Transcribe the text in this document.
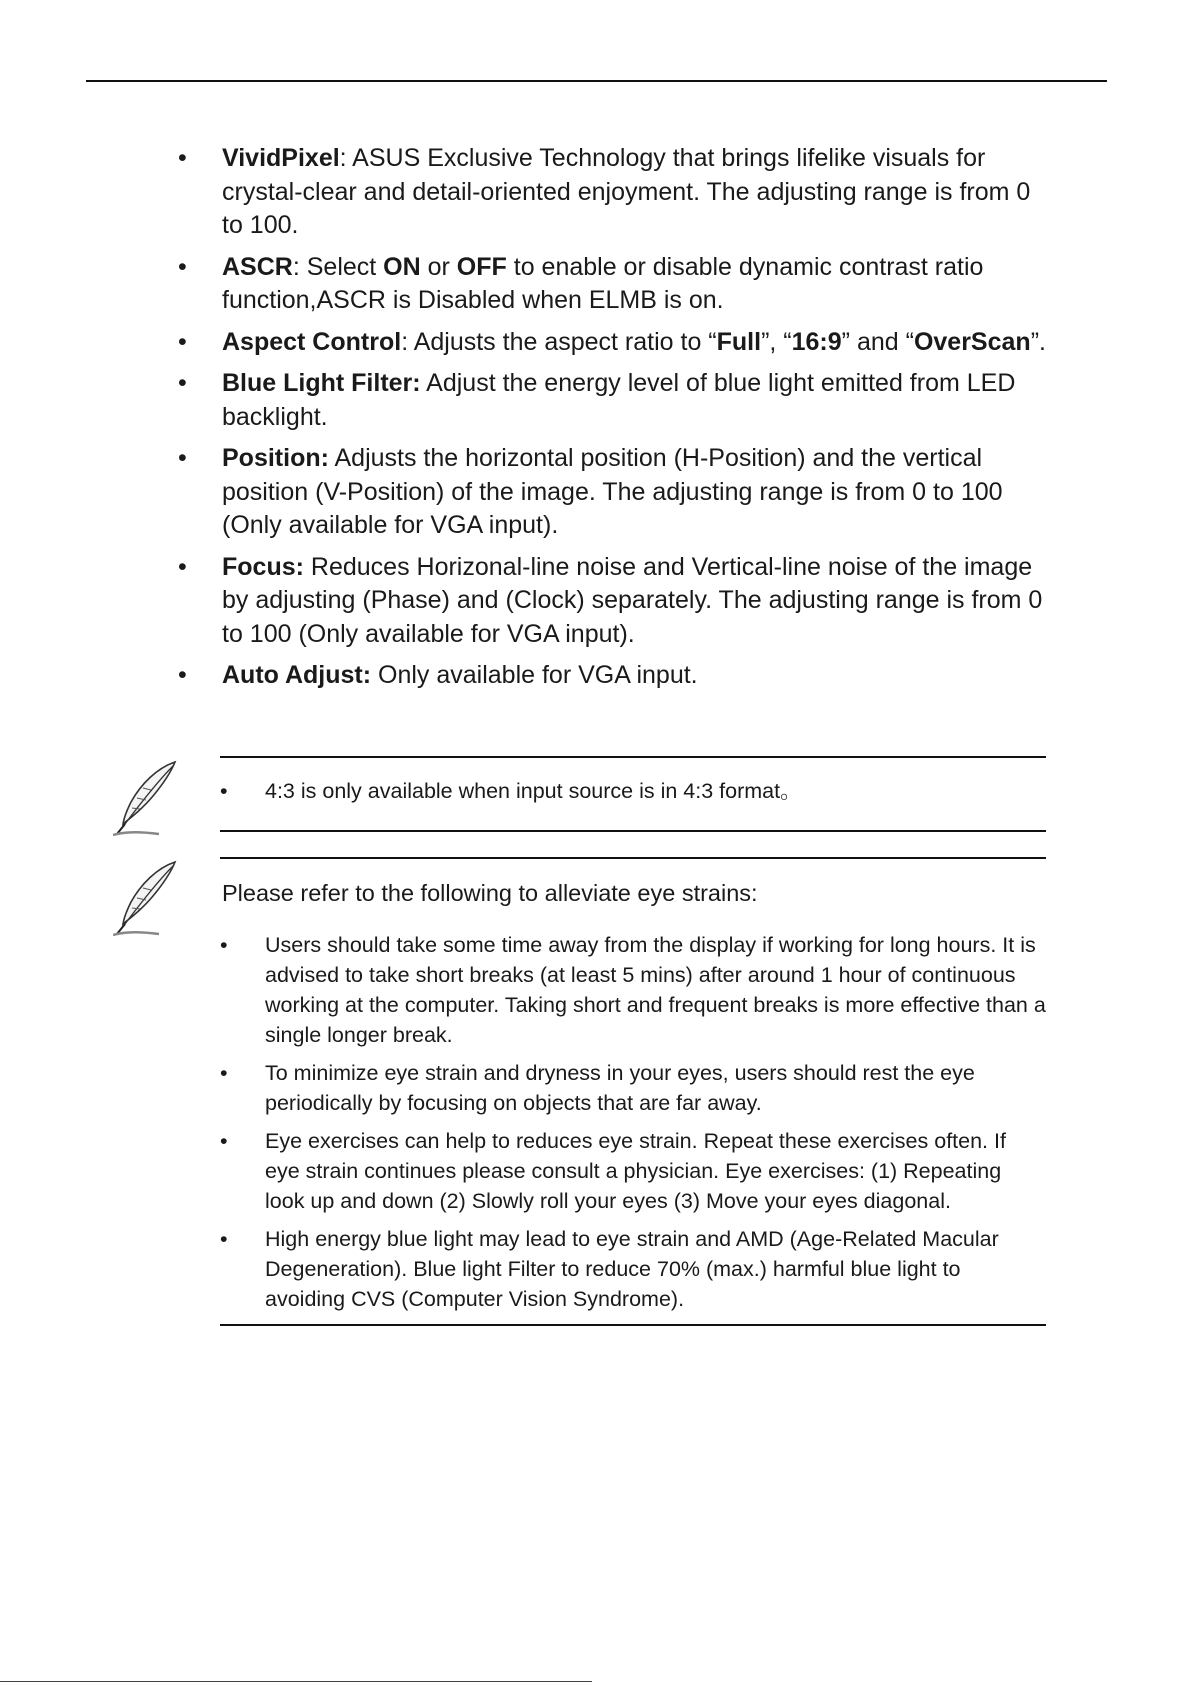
• VividPixel: ASUS Exclusive Technology that brings lifelike visuals for crystal-clear and detail-oriented enjoyment. The adjusting range is from 0 to 100.
• ASCR: Select ON or OFF to enable or disable dynamic contrast ratio function,ASCR is Disabled when ELMB is on.
• Aspect Control: Adjusts the aspect ratio to “Full”, “16:9” and “OverScan”.
• Blue Light Filter: Adjust the energy level of blue light emitted from LED backlight.
• Position: Adjusts the horizontal position (H-Position) and the vertical position (V-Position) of the image. The adjusting range is from 0 to 100 (Only available for VGA input).
• Focus: Reduces Horizonal-line noise and Vertical-line noise of the image by adjusting (Phase) and (Clock) separately. The adjusting range is from 0 to 100 (Only available for VGA input).
• Auto Adjust: Only available for VGA input.
• 4:3 is only available when input source is in 4:3 format。
Please refer to the following to alleviate eye strains:
• Users should take some time away from the display if working for long hours. It is advised to take short breaks (at least 5 mins) after around 1 hour of continuous working at the computer. Taking short and frequent breaks is more effective than a single longer break.
• To minimize eye strain and dryness in your eyes, users should rest the eye periodically by focusing on objects that are far away.
• Eye exercises can help to reduces eye strain. Repeat these exercises often. If eye strain continues please consult a physician. Eye exercises: (1) Repeating look up and down (2) Slowly roll your eyes (3) Move your eyes diagonal.
• High energy blue light may lead to eye strain and AMD (Age-Related Macular Degeneration). Blue light Filter to reduce 70% (max.) harmful blue light to avoiding CVS (Computer Vision Syndrome).
